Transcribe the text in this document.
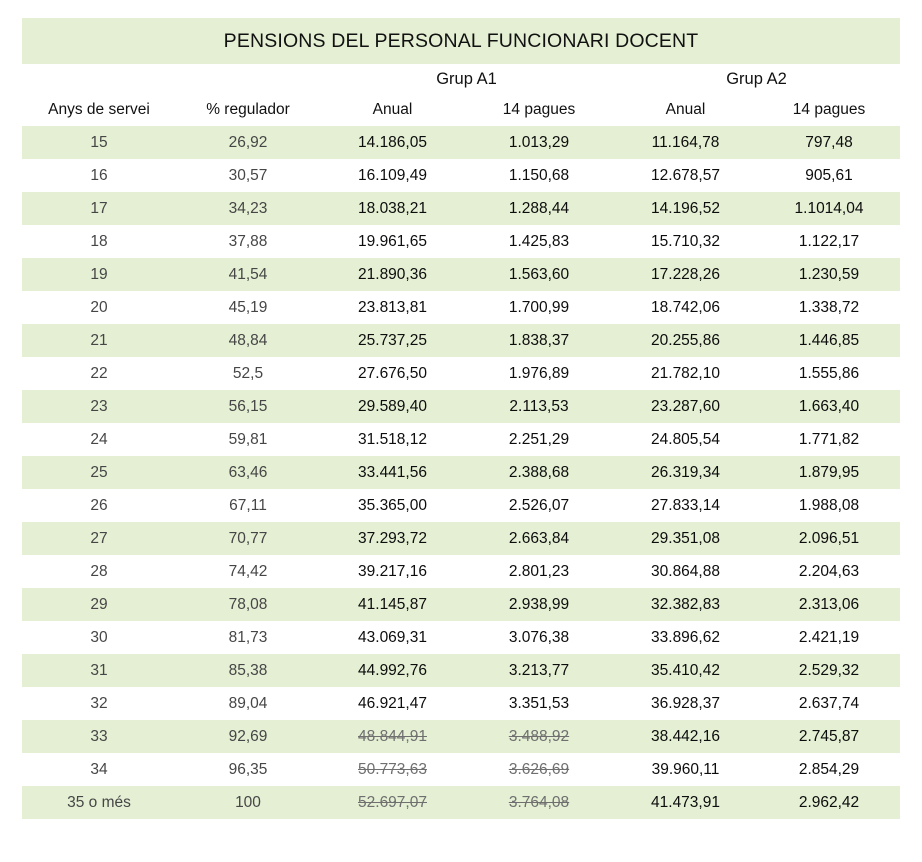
PENSIONS DEL PERSONAL FUNCIONARI DOCENT
Grup A1	Grup A2
Anys de servei	% regulador	Anual	14 pagues	Anual	14 pagues
15	26,92	14.186,05	1.013,29	11.164,78	797,48
16	30,57	16.109,49	1.150,68	12.678,57	905,61
17	34,23	18.038,21	1.288,44	14.196,52	1.1014,04
18	37,88	19.961,65	1.425,83	15.710,32	1.122,17
19	41,54	21.890,36	1.563,60	17.228,26	1.230,59
20	45,19	23.813,81	1.700,99	18.742,06	1.338,72
21	48,84	25.737,25	1.838,37	20.255,86	1.446,85
22	52,5	27.676,50	1.976,89	21.782,10	1.555,86
23	56,15	29.589,40	2.113,53	23.287,60	1.663,40
24	59,81	31.518,12	2.251,29	24.805,54	1.771,82
25	63,46	33.441,56	2.388,68	26.319,34	1.879,95
26	67,11	35.365,00	2.526,07	27.833,14	1.988,08
27	70,77	37.293,72	2.663,84	29.351,08	2.096,51
28	74,42	39.217,16	2.801,23	30.864,88	2.204,63
29	78,08	41.145,87	2.938,99	32.382,83	2.313,06
30	81,73	43.069,31	3.076,38	33.896,62	2.421,19
31	85,38	44.992,76	3.213,77	35.410,42	2.529,32
32	89,04	46.921,47	3.351,53	36.928,37	2.637,74
33	92,69	48.844,91	3.488,92	38.442,16	2.745,87
34	96,35	50.773,63	3.626,69	39.960,11	2.854,29
35 o més	100	52.697,07	3.764,08	41.473,91	2.962,42
